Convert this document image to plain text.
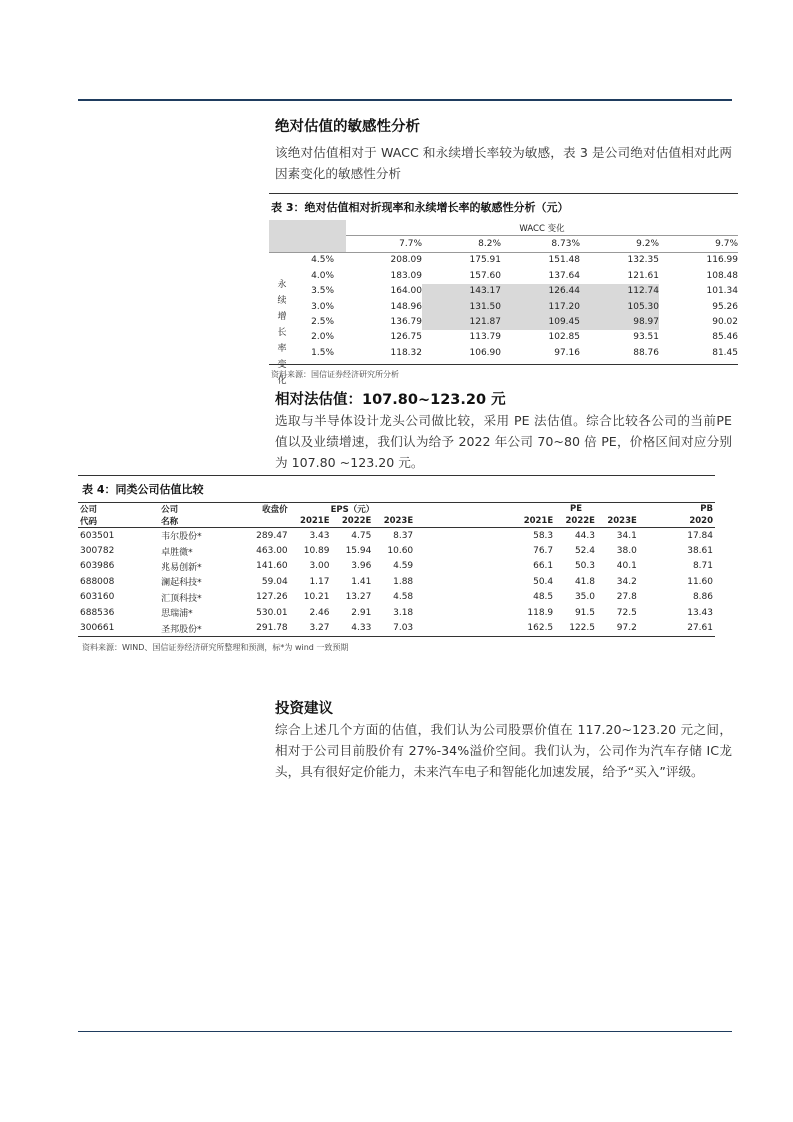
绝对估值的敏感性分析

该绝对估值相对于 WACC 和永续增长率较为敏感，表 3 是公司绝对估值相对此两因素变化的敏感性分析

表 3：绝对估值相对折现率和永续增长率的敏感性分析（元）
		WACC 变化				
		7.7%	8.2%	8.73%	9.2%	9.7%
	4.5%	208.09	175.91	151.48	132.35	116.99
	4.0%	183.09	157.60	137.64	121.61	108.48
	3.5%	164.00	143.17	126.44	112.74	101.34
	3.0%	148.96	131.50	117.20	105.30	95.26
	2.5%	136.79	121.87	109.45	98.97	90.02
	2.0%	126.75	113.79	102.85	93.51	85.46
	1.5%	118.32	106.90	97.16	88.76	81.45
永
续
增
长
率
变
化
资料来源：国信证券经济研究所分析
相对法估值：107.80~123.20 元

选取与半导体设计龙头公司做比较，采用 PE 法估值。综合比较各公司的当前PE 值以及业绩增速，我们认为给予 2022 年公司 70~80 倍 PE，价格区间对应分别为 107.80 ~123.20 元。

表 4：同类公司估值比较

公司	公司	收盘价	EPS（元）				PE			PB
代码	名称		2021E	2022E	2023E		2021E	2022E	2023E	2020

603501	韦尔股份*	289.47	3.43	4.75	8.37		58.3	44.3	34.1	17.84
300782	卓胜微*	463.00	10.89	15.94	10.60		76.7	52.4	38.0	38.61
603986	兆易创新*	141.60	3.00	3.96	4.59		66.1	50.3	40.1	8.71
688008	澜起科技*	59.04	1.17	1.41	1.88		50.4	41.8	34.2	11.60
603160	汇顶科技*	127.26	10.21	13.27	4.58		48.5	35.0	27.8	8.86
688536	思瑞浦*	530.01	2.46	2.91	3.18		118.9	91.5	72.5	13.43
300661	圣邦股份*	291.78	3.27	4.33	7.03		162.5	122.5	97.2	27.61

资料来源：WIND、国信证券经济研究所整理和预测，标*为 wind 一致预期
投资建议

综合上述几个方面的估值，我们认为公司股票价值在 117.20~123.20 元之间，相对于公司目前股价有 27%-34%溢价空间。我们认为，公司作为汽车存储 IC龙头，具有很好定价能力，未来汽车电子和智能化加速发展，给予“买入”评级。
